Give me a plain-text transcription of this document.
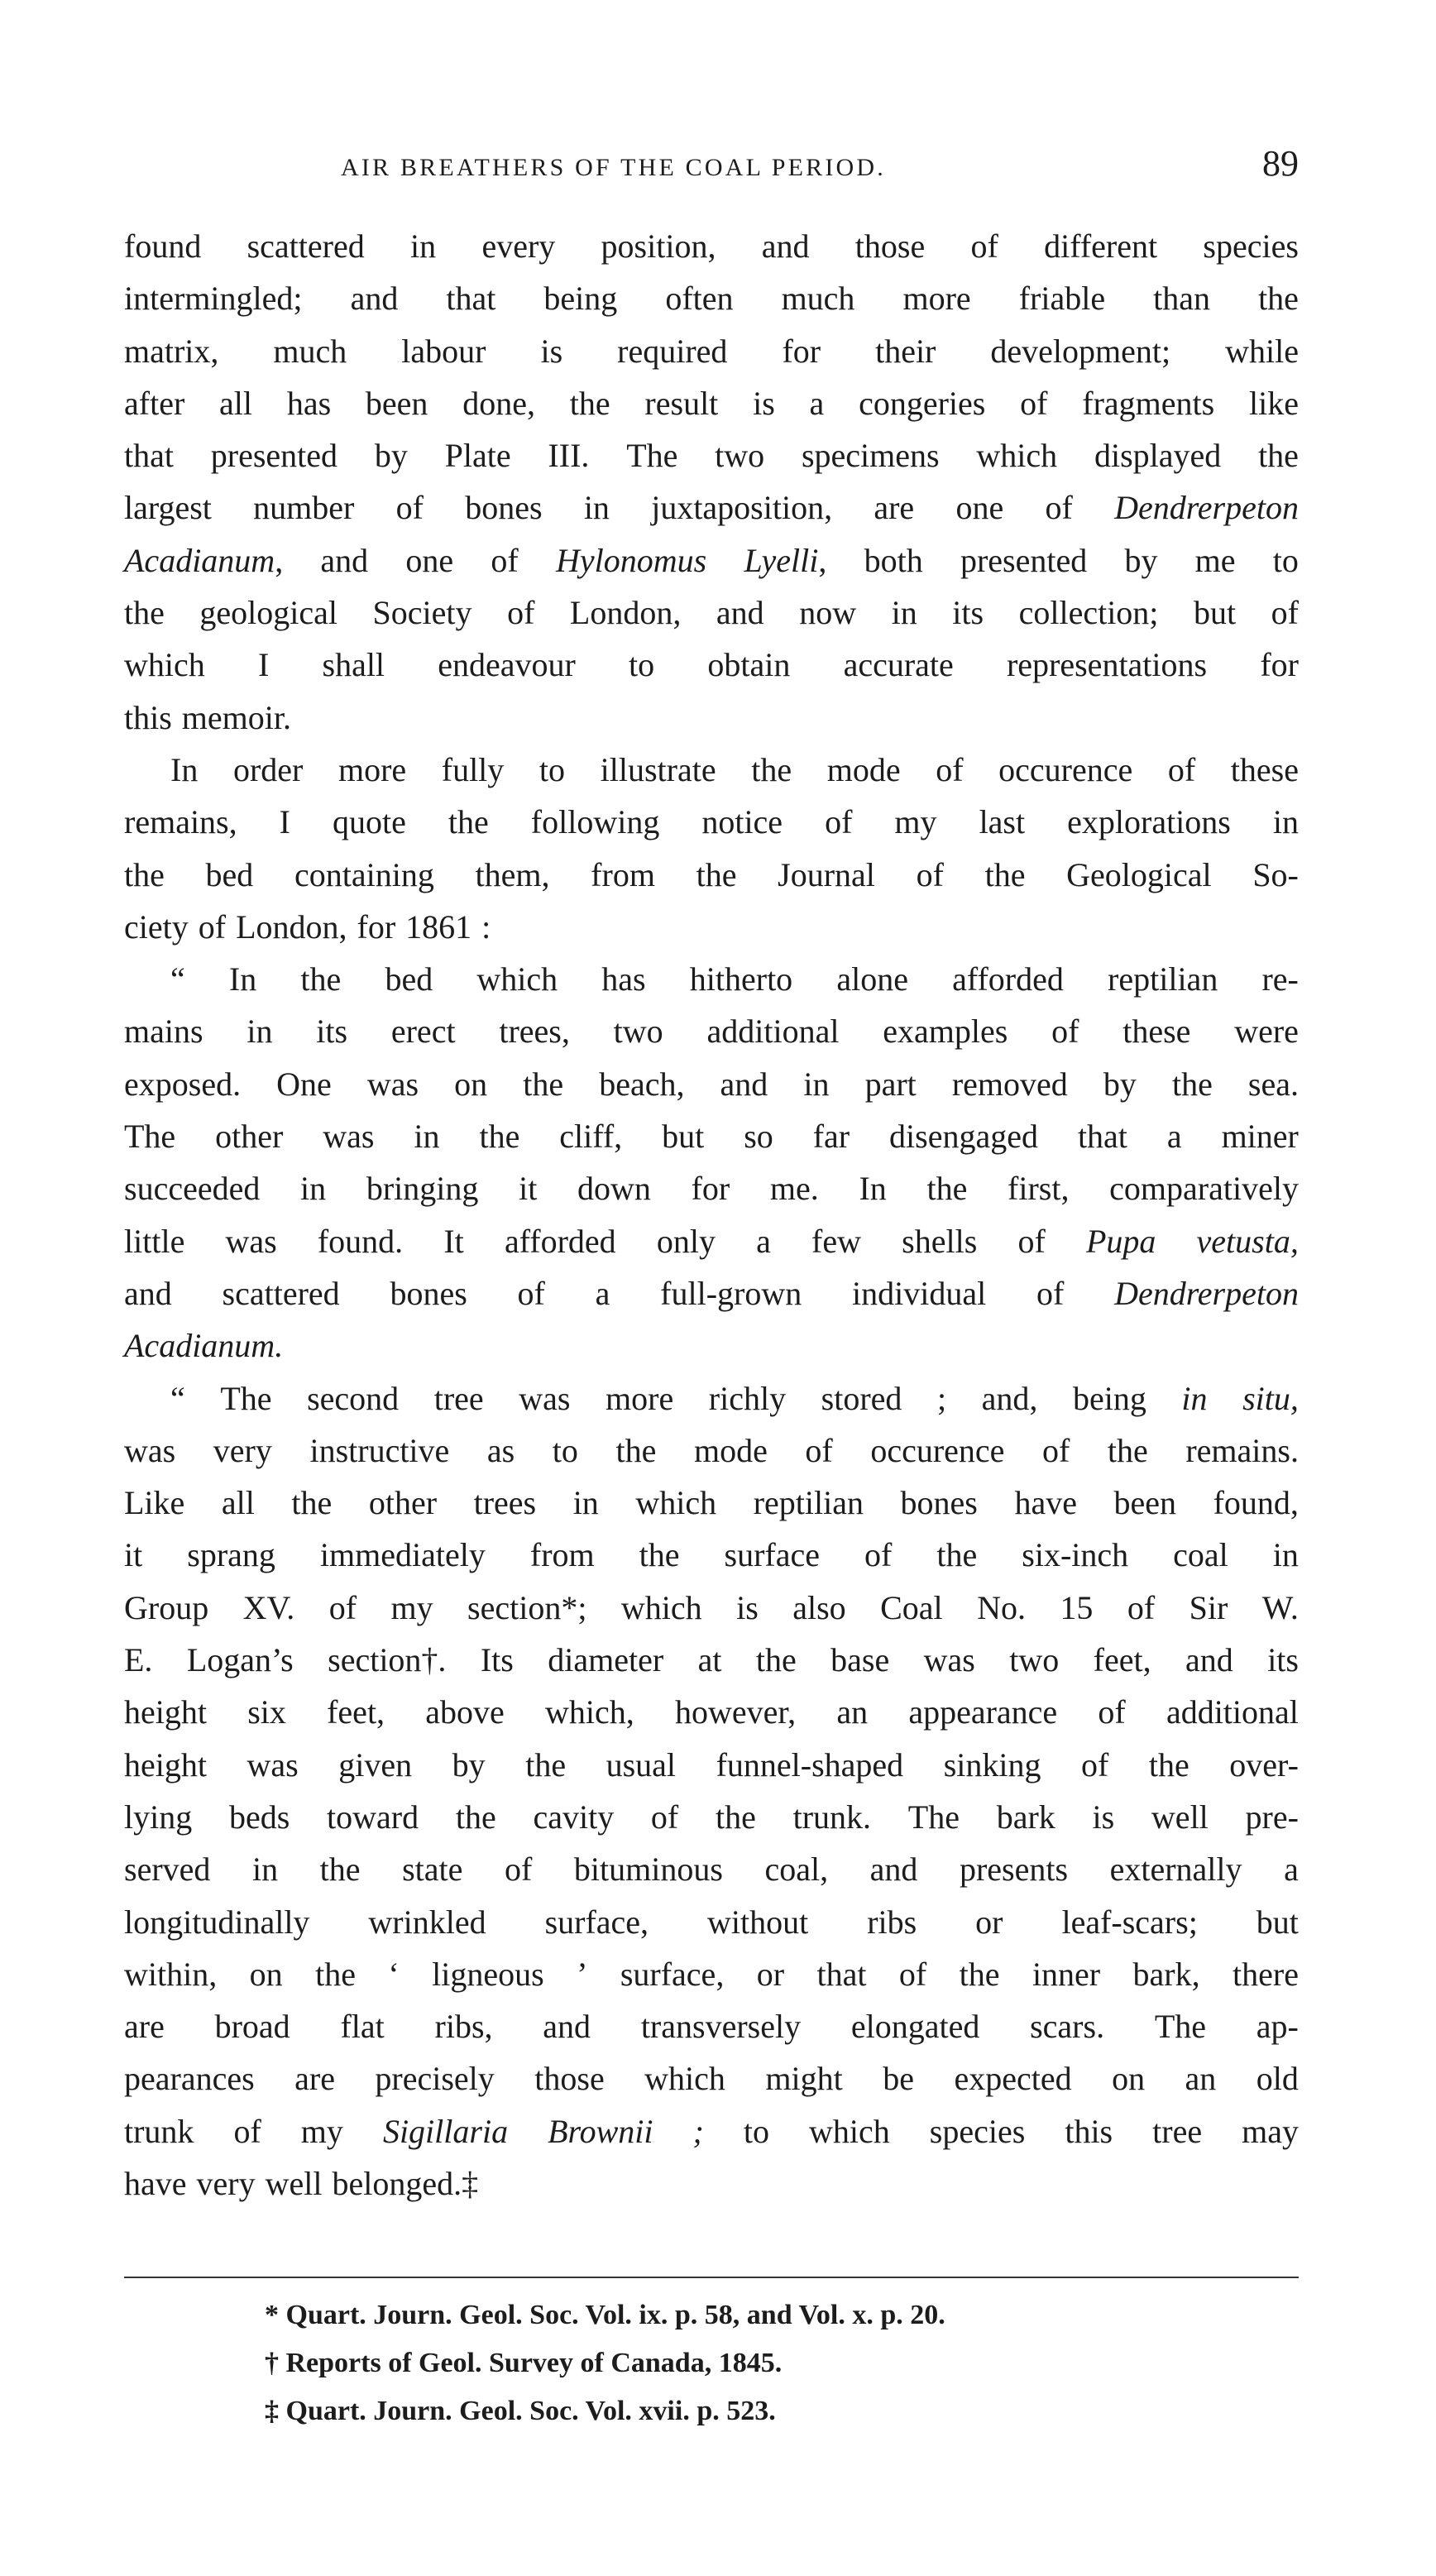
AIR BREATHERS OF THE COAL PERIOD.	89
found scattered in every position, and those of different species
intermingled; and that being often much more friable than the
matrix, much labour is required for their development; while
after all has been done, the result is a congeries of fragments like
that presented by Plate III. The two specimens which displayed the
largest number of bones in juxtaposition, are one of Dendrerpeton
Acadianum, and one of Hylonomus Lyelli, both presented by me to
the geological Society of London, and now in its collection; but of
which I shall endeavour to obtain accurate representations for
this memoir.
In order more fully to illustrate the mode of occurence of these
remains, I quote the following notice of my last explorations in
the bed containing them, from the Journal of the Geological So-
ciety of London, for 1861 :
“ In the bed which has hitherto alone afforded reptilian re-
mains in its erect trees, two additional examples of these were
exposed. One was on the beach, and in part removed by the sea.
The other was in the cliff, but so far disengaged that a miner
succeeded in bringing it down for me. In the first, comparatively
little was found. It afforded only a few shells of Pupa vetusta,
and scattered bones of a full-grown individual of Dendrerpeton
Acadianum.
“ The second tree was more richly stored ; and, being in situ,
was very instructive as to the mode of occurence of the remains.
Like all the other trees in which reptilian bones have been found,
it sprang immediately from the surface of the six-inch coal in
Group XV. of my section*; which is also Coal No. 15 of Sir W.
E. Logan’s section†. Its diameter at the base was two feet, and its
height six feet, above which, however, an appearance of additional
height was given by the usual funnel-shaped sinking of the over-
lying beds toward the cavity of the trunk. The bark is well pre-
served in the state of bituminous coal, and presents externally a
longitudinally wrinkled surface, without ribs or leaf-scars; but
within, on the ‘ ligneous ’ surface, or that of the inner bark, there
are broad flat ribs, and transversely elongated scars. The ap-
pearances are precisely those which might be expected on an old
trunk of my Sigillaria Brownii ; to which species this tree may
have very well belonged.‡
* Quart. Journ. Geol. Soc. Vol. ix. p. 58, and Vol. x. p. 20.
† Reports of Geol. Survey of Canada, 1845.
‡ Quart. Journ. Geol. Soc. Vol. xvii. p. 523.
